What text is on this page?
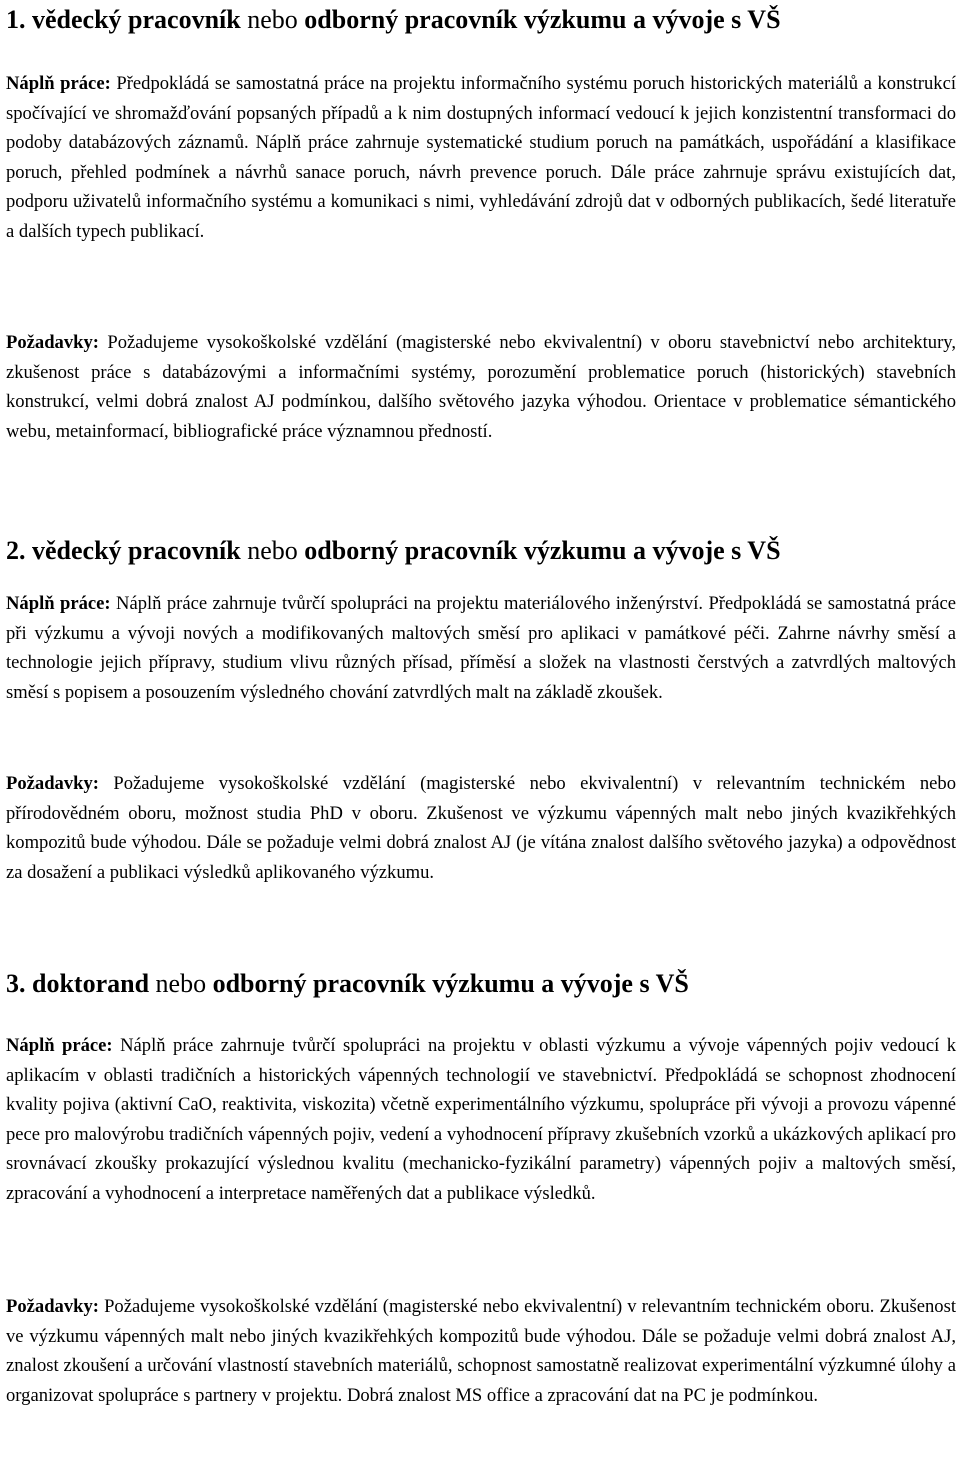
1. vědecký pracovník nebo odborný pracovník výzkumu a vývoje s VŠ

Náplň práce: Předpokládá se samostatná práce na projektu informačního systému poruch historických materiálů a konstrukcí spočívající ve shromažďování popsaných případů a k nim dostupných informací vedoucí k jejich konzistentní transformaci do podoby databázových záznamů. Náplň práce zahrnuje systematické studium poruch na památkách, uspořádání a klasifikace poruch, přehled podmínek a návrhů sanace poruch, návrh prevence poruch. Dále práce zahrnuje správu existujících dat, podporu uživatelů informačního systému a komunikaci s nimi, vyhledávání zdrojů dat v odborných publikacích, šedé literatuře a dalších typech publikací.

Požadavky: Požadujeme vysokoškolské vzdělání (magisterské nebo ekvivalentní) v oboru stavebnictví nebo architektury, zkušenost práce s databázovými a informačními systémy, porozumění problematice poruch (historických) stavebních konstrukcí, velmi dobrá znalost AJ podmínkou, dalšího světového jazyka výhodou. Orientace v problematice sémantického webu, metainformací, bibliografické práce významnou předností.

2. vědecký pracovník nebo odborný pracovník výzkumu a vývoje s VŠ

Náplň práce: Náplň práce zahrnuje tvůrčí spolupráci na projektu materiálového inženýrství. Předpokládá se samostatná práce při výzkumu a vývoji nových a modifikovaných maltových směsí pro aplikaci v památkové péči. Zahrne návrhy směsí a technologie jejich přípravy, studium vlivu různých přísad, příměsí a složek na vlastnosti čerstvých a zatvrdlých maltových směsí s popisem a posouzením výsledného chování zatvrdlých malt na základě zkoušek.

Požadavky: Požadujeme vysokoškolské vzdělání (magisterské nebo ekvivalentní) v relevantním technickém nebo přírodovědném oboru, možnost studia PhD v oboru. Zkušenost ve výzkumu vápenných malt nebo jiných kvazikřehkých kompozitů bude výhodou. Dále se požaduje velmi dobrá znalost AJ (je vítána znalost dalšího světového jazyka) a odpovědnost za dosažení a publikaci výsledků aplikovaného výzkumu.

3. doktorand nebo odborný pracovník výzkumu a vývoje s VŠ

Náplň práce: Náplň práce zahrnuje tvůrčí spolupráci na projektu v oblasti výzkumu a vývoje vápenných pojiv vedoucí k aplikacím v oblasti tradičních a historických vápenných technologií ve stavebnictví. Předpokládá se schopnost zhodnocení kvality pojiva (aktivní CaO, reaktivita, viskozita) včetně experimentálního výzkumu, spolupráce při vývoji a provozu vápenné pece pro malovýrobu tradičních vápenných pojiv, vedení a vyhodnocení přípravy zkušebních vzorků a ukázkových aplikací pro srovnávací zkoušky prokazující výslednou kvalitu (mechanicko-fyzikální parametry) vápenných pojiv a maltových směsí, zpracování a vyhodnocení a interpretace naměřených dat a publikace výsledků.

Požadavky: Požadujeme vysokoškolské vzdělání (magisterské nebo ekvivalentní) v relevantním technickém oboru. Zkušenost ve výzkumu vápenných malt nebo jiných kvazikřehkých kompozitů bude výhodou. Dále se požaduje velmi dobrá znalost AJ, znalost zkoušení a určování vlastností stavebních materiálů, schopnost samostatně realizovat experimentální výzkumné úlohy a organizovat spolupráce s partnery v projektu. Dobrá znalost MS office a zpracování dat na PC je podmínkou.
